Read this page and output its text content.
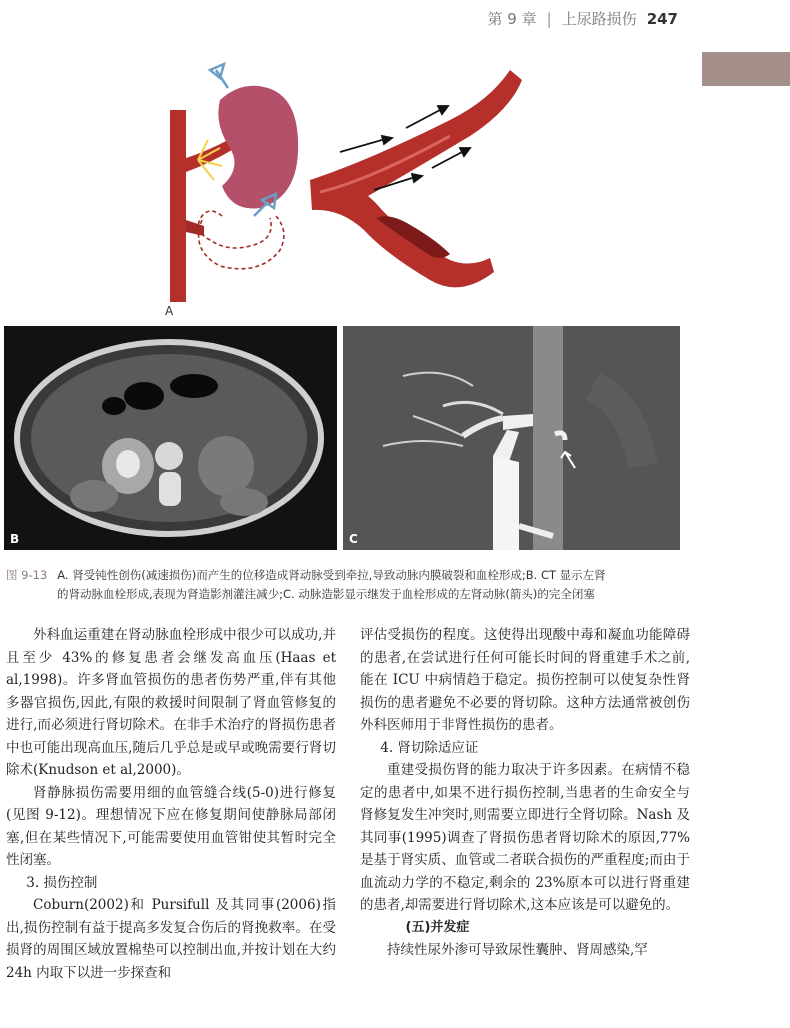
第 9 章 | 上尿路损伤 247
A
B	C
图 9-13 A. 肾受钝性创伤(减速损伤)而产生的位移造成肾动脉受到牵拉,导致动脉内膜破裂和血栓形成;B. CT 显示左肾
的肾动脉血栓形成,表现为肾造影剂灌注减少;C. 动脉造影显示继发于血栓形成的左肾动脉(箭头)的完全闭塞

外科血运重建在肾动脉血栓形成中很少可以成功,并且至少 43%的修复患者会继发高血压(Haas et al,1998)。许多肾血管损伤的患者伤势严重,伴有其他多器官损伤,因此,有限的救援时间限制了肾血管修复的进行,而必须进行肾切除术。在非手术治疗的肾损伤患者中也可能出现高血压,随后几乎总是或早或晚需要行肾切除术(Knudson et al,2000)。

肾静脉损伤需要用细的血管缝合线(5-0)进行修复(见图 9-12)。理想情况下应在修复期间使静脉局部闭塞,但在某些情况下,可能需要使用血管钳使其暂时完全性闭塞。

3. 损伤控制

Coburn(2002)和 Pursifull 及其同事(2006)指出,损伤控制有益于提高多发复合伤后的肾挽救率。在受损肾的周围区域放置棉垫可以控制出血,并按计划在大约 24h 内取下以进一步探查和

评估受损伤的程度。这使得出现酸中毒和凝血功能障碍的患者,在尝试进行任何可能长时间的肾重建手术之前,能在 ICU 中病情趋于稳定。损伤控制可以使复杂性肾损伤的患者避免不必要的肾切除。这种方法通常被创伤外科医师用于非肾性损伤的患者。

4. 肾切除适应证

重建受损伤肾的能力取决于许多因素。在病情不稳定的患者中,如果不进行损伤控制,当患者的生命安全与肾修复发生冲突时,则需要立即进行全肾切除。Nash 及其同事(1995)调查了肾损伤患者肾切除术的原因,77%是基于肾实质、血管或二者联合损伤的严重程度;而由于血流动力学的不稳定,剩余的 23%原本可以进行肾重建的患者,却需要进行肾切除术,这本应该是可以避免的。

(五)并发症

持续性尿外渗可导致尿性囊肿、肾周感染,罕
